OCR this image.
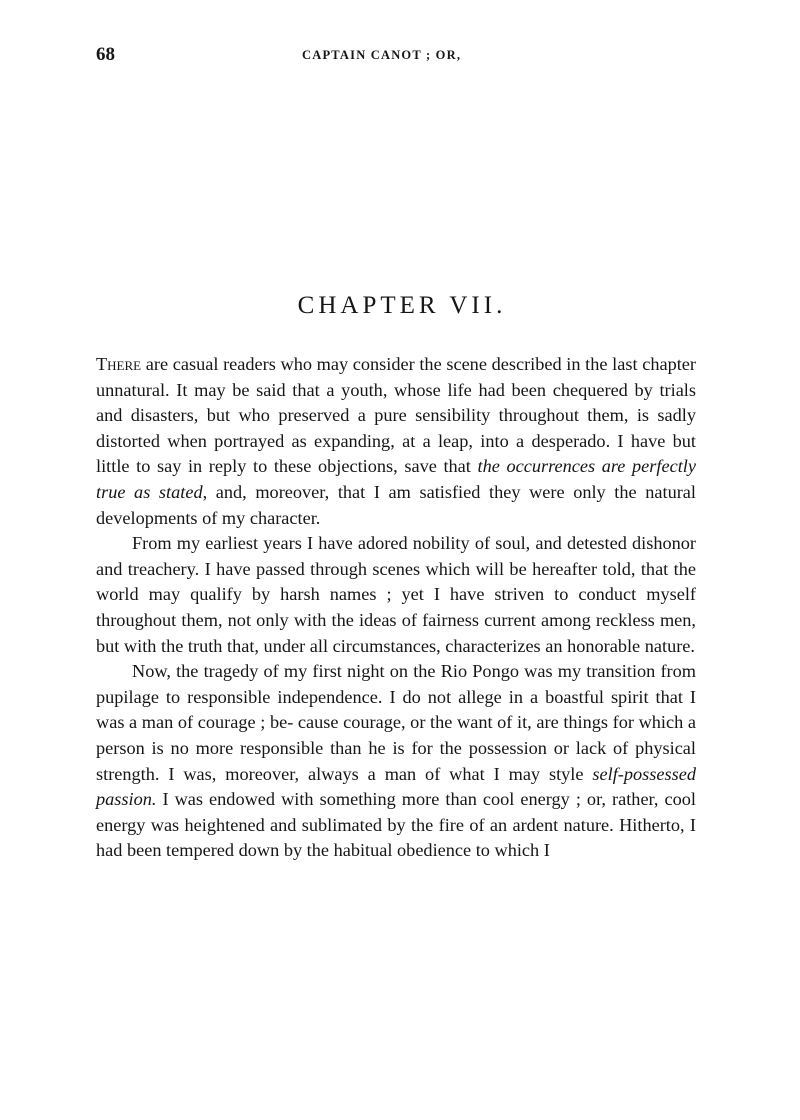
68	CAPTAIN CANOT ; OR,
CHAPTER VII.

There are casual readers who may consider the scene described in the last chapter unnatural. It may be said that a youth, whose life had been chequered by trials and disasters, but who preserved a pure sensibility throughout them, is sadly distorted when portrayed as expanding, at a leap, into a desperado. I have but little to say in reply to these objections, save that the occurrences are perfectly true as stated, and, moreover, that I am satisfied they were only the natural developments of my character.

From my earliest years I have adored nobility of soul, and detested dishonor and treachery. I have passed through scenes which will be hereafter told, that the world may qualify by harsh names ; yet I have striven to conduct myself throughout them, not only with the ideas of fairness current among reckless men, but with the truth that, under all circumstances, characterizes an honorable nature.

Now, the tragedy of my first night on the Rio Pongo was my transition from pupilage to responsible independence. I do not allege in a boastful spirit that I was a man of courage ; be- cause courage, or the want of it, are things for which a person is no more responsible than he is for the possession or lack of physical strength. I was, moreover, always a man of what I may style self-possessed passion. I was endowed with something more than cool energy ; or, rather, cool energy was heightened and sublimated by the fire of an ardent nature. Hitherto, I had been tempered down by the habitual obedience to which I
